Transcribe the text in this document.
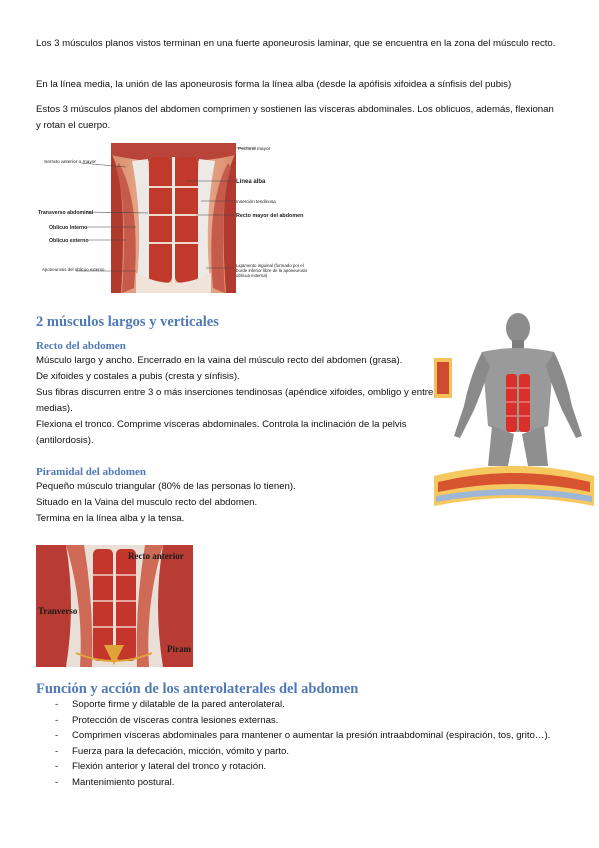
Los 3 músculos planos vistos terminan en una fuerte aponeurosis laminar, que se encuentra en la zona del músculo recto.

En la línea media, la unión de las aponeurosis forma la línea alba (desde la apófisis xifoidea a sínfisis del pubis)

Estos 3 músculos planos del abdomen comprimen y sostienen las vísceras abdominales. Los oblicuos, además, flexionan y rotan el cuerpo.

Serrato anterior o mayor
Transverso abdominal
Oblicuo interno
Oblicuo externo
Aponeurosis del oblicuo externo
Pectoral mayor
Línea alba
Inserción tendinosa
Recto mayor del abdomen
Ligamento inguinal (formado por el borde inferior libre de la aponeurosis oblicua externa)
2 músculos largos y verticales
Recto del abdomen
Músculo largo y ancho. Encerrado en la vaina del músculo recto del abdomen (grasa).
De xifoides y costales a pubis (cresta y sínfisis).
Sus fibras discurren entre 3 o más inserciones tendinosas (apéndice xifoides, ombligo y entre medias).
Flexiona el tronco. Comprime vísceras abdominales. Controla la inclinación de la pelvis (antilordosis).
Piramidal del abdomen
Pequeño músculo triangular (80% de las personas lo tienen).
Situado en la Vaina del musculo recto del abdomen.
Termina en la línea alba y la tensa.
Recto anterior
Tranverso
Piram
Función y acción de los anterolaterales del abdomen
- Soporte firme y dilatable de la pared anterolateral.
- Protección de vísceras contra lesiones externas.
- Comprimen vísceras abdominales para mantener o aumentar la presión intraabdominal (espiración, tos, grito…).
- Fuerza para la defecación, micción, vómito y parto.
- Flexión anterior y lateral del tronco y rotación.
- Mantenimiento postural.
